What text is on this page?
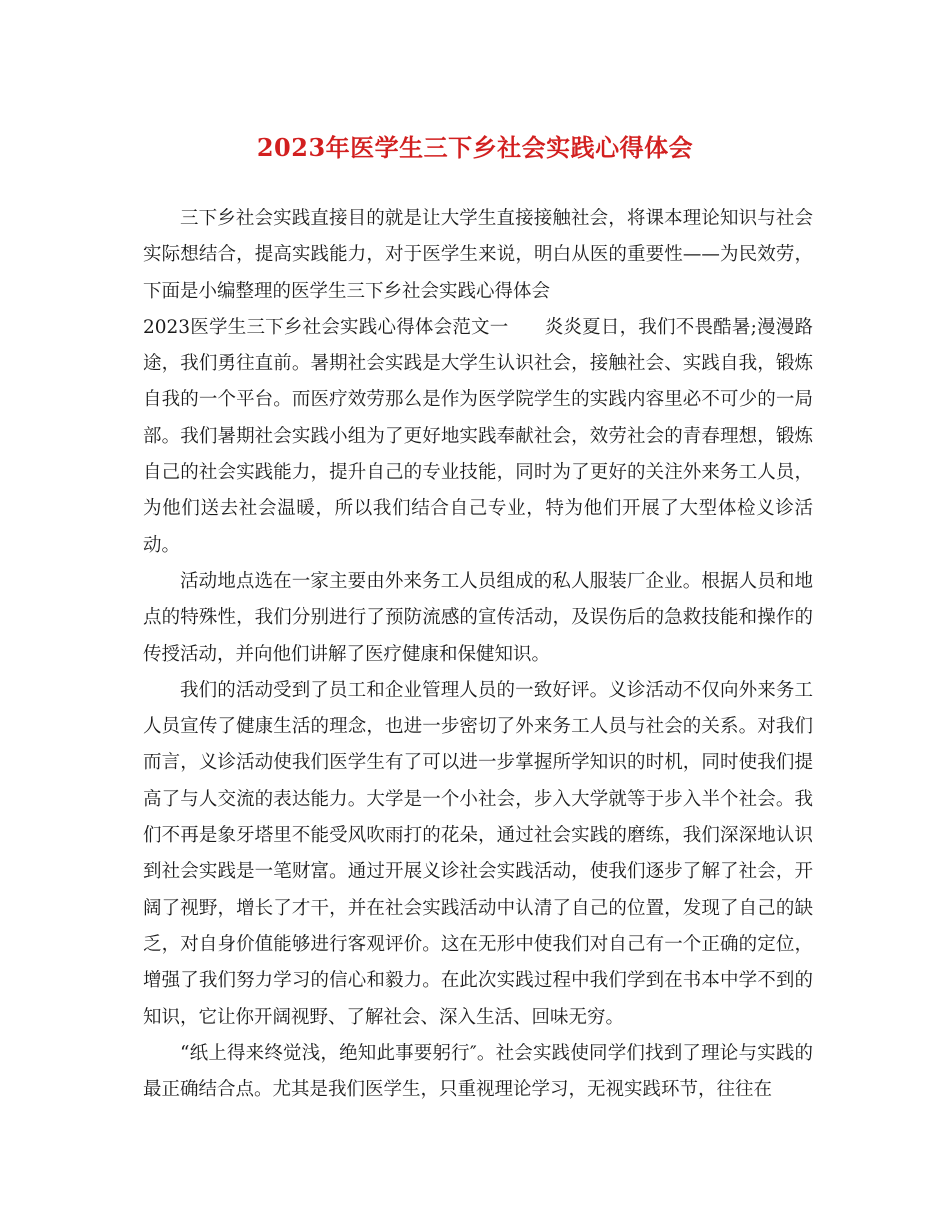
2023年医学生三下乡社会实践心得体会

三下乡社会实践直接目的就是让大学生直接接触社会，将课本理论知识与社会实际想结合，提高实践能力，对于医学生来说，明白从医的重要性——为民效劳，下面是小编整理的医学生三下乡社会实践心得体会

2023医学生三下乡社会实践心得体会范文一 炎炎夏日，我们不畏酷暑;漫漫路途，我们勇往直前。暑期社会实践是大学生认识社会，接触社会、实践自我，锻炼自我的一个平台。而医疗效劳那么是作为医学院学生的实践内容里必不可少的一局部。我们暑期社会实践小组为了更好地实践奉献社会，效劳社会的青春理想，锻炼自己的社会实践能力，提升自己的专业技能，同时为了更好的关注外来务工人员，为他们送去社会温暖，所以我们结合自己专业，特为他们开展了大型体检义诊活动。

活动地点选在一家主要由外来务工人员组成的私人服装厂企业。根据人员和地点的特殊性，我们分别进行了预防流感的宣传活动，及误伤后的急救技能和操作的传授活动，并向他们讲解了医疗健康和保健知识。

我们的活动受到了员工和企业管理人员的一致好评。义诊活动不仅向外来务工人员宣传了健康生活的理念，也进一步密切了外来务工人员与社会的关系。对我们而言，义诊活动使我们医学生有了可以进一步掌握所学知识的时机，同时使我们提高了与人交流的表达能力。大学是一个小社会，步入大学就等于步入半个社会。我们不再是象牙塔里不能受风吹雨打的花朵，通过社会实践的磨练，我们深深地认识到社会实践是一笔财富。通过开展义诊社会实践活动，使我们逐步了解了社会，开阔了视野，增长了才干，并在社会实践活动中认清了自己的位置，发现了自己的缺乏，对自身价值能够进行客观评价。这在无形中使我们对自己有一个正确的定位，增强了我们努力学习的信心和毅力。在此次实践过程中我们学到在书本中学不到的知识，它让你开阔视野、了解社会、深入生活、回味无穷。

“纸上得来终觉浅，绝知此事要躬行″。社会实践使同学们找到了理论与实践的最正确结合点。尤其是我们医学生，只重视理论学习，无视实践环节，往往在
